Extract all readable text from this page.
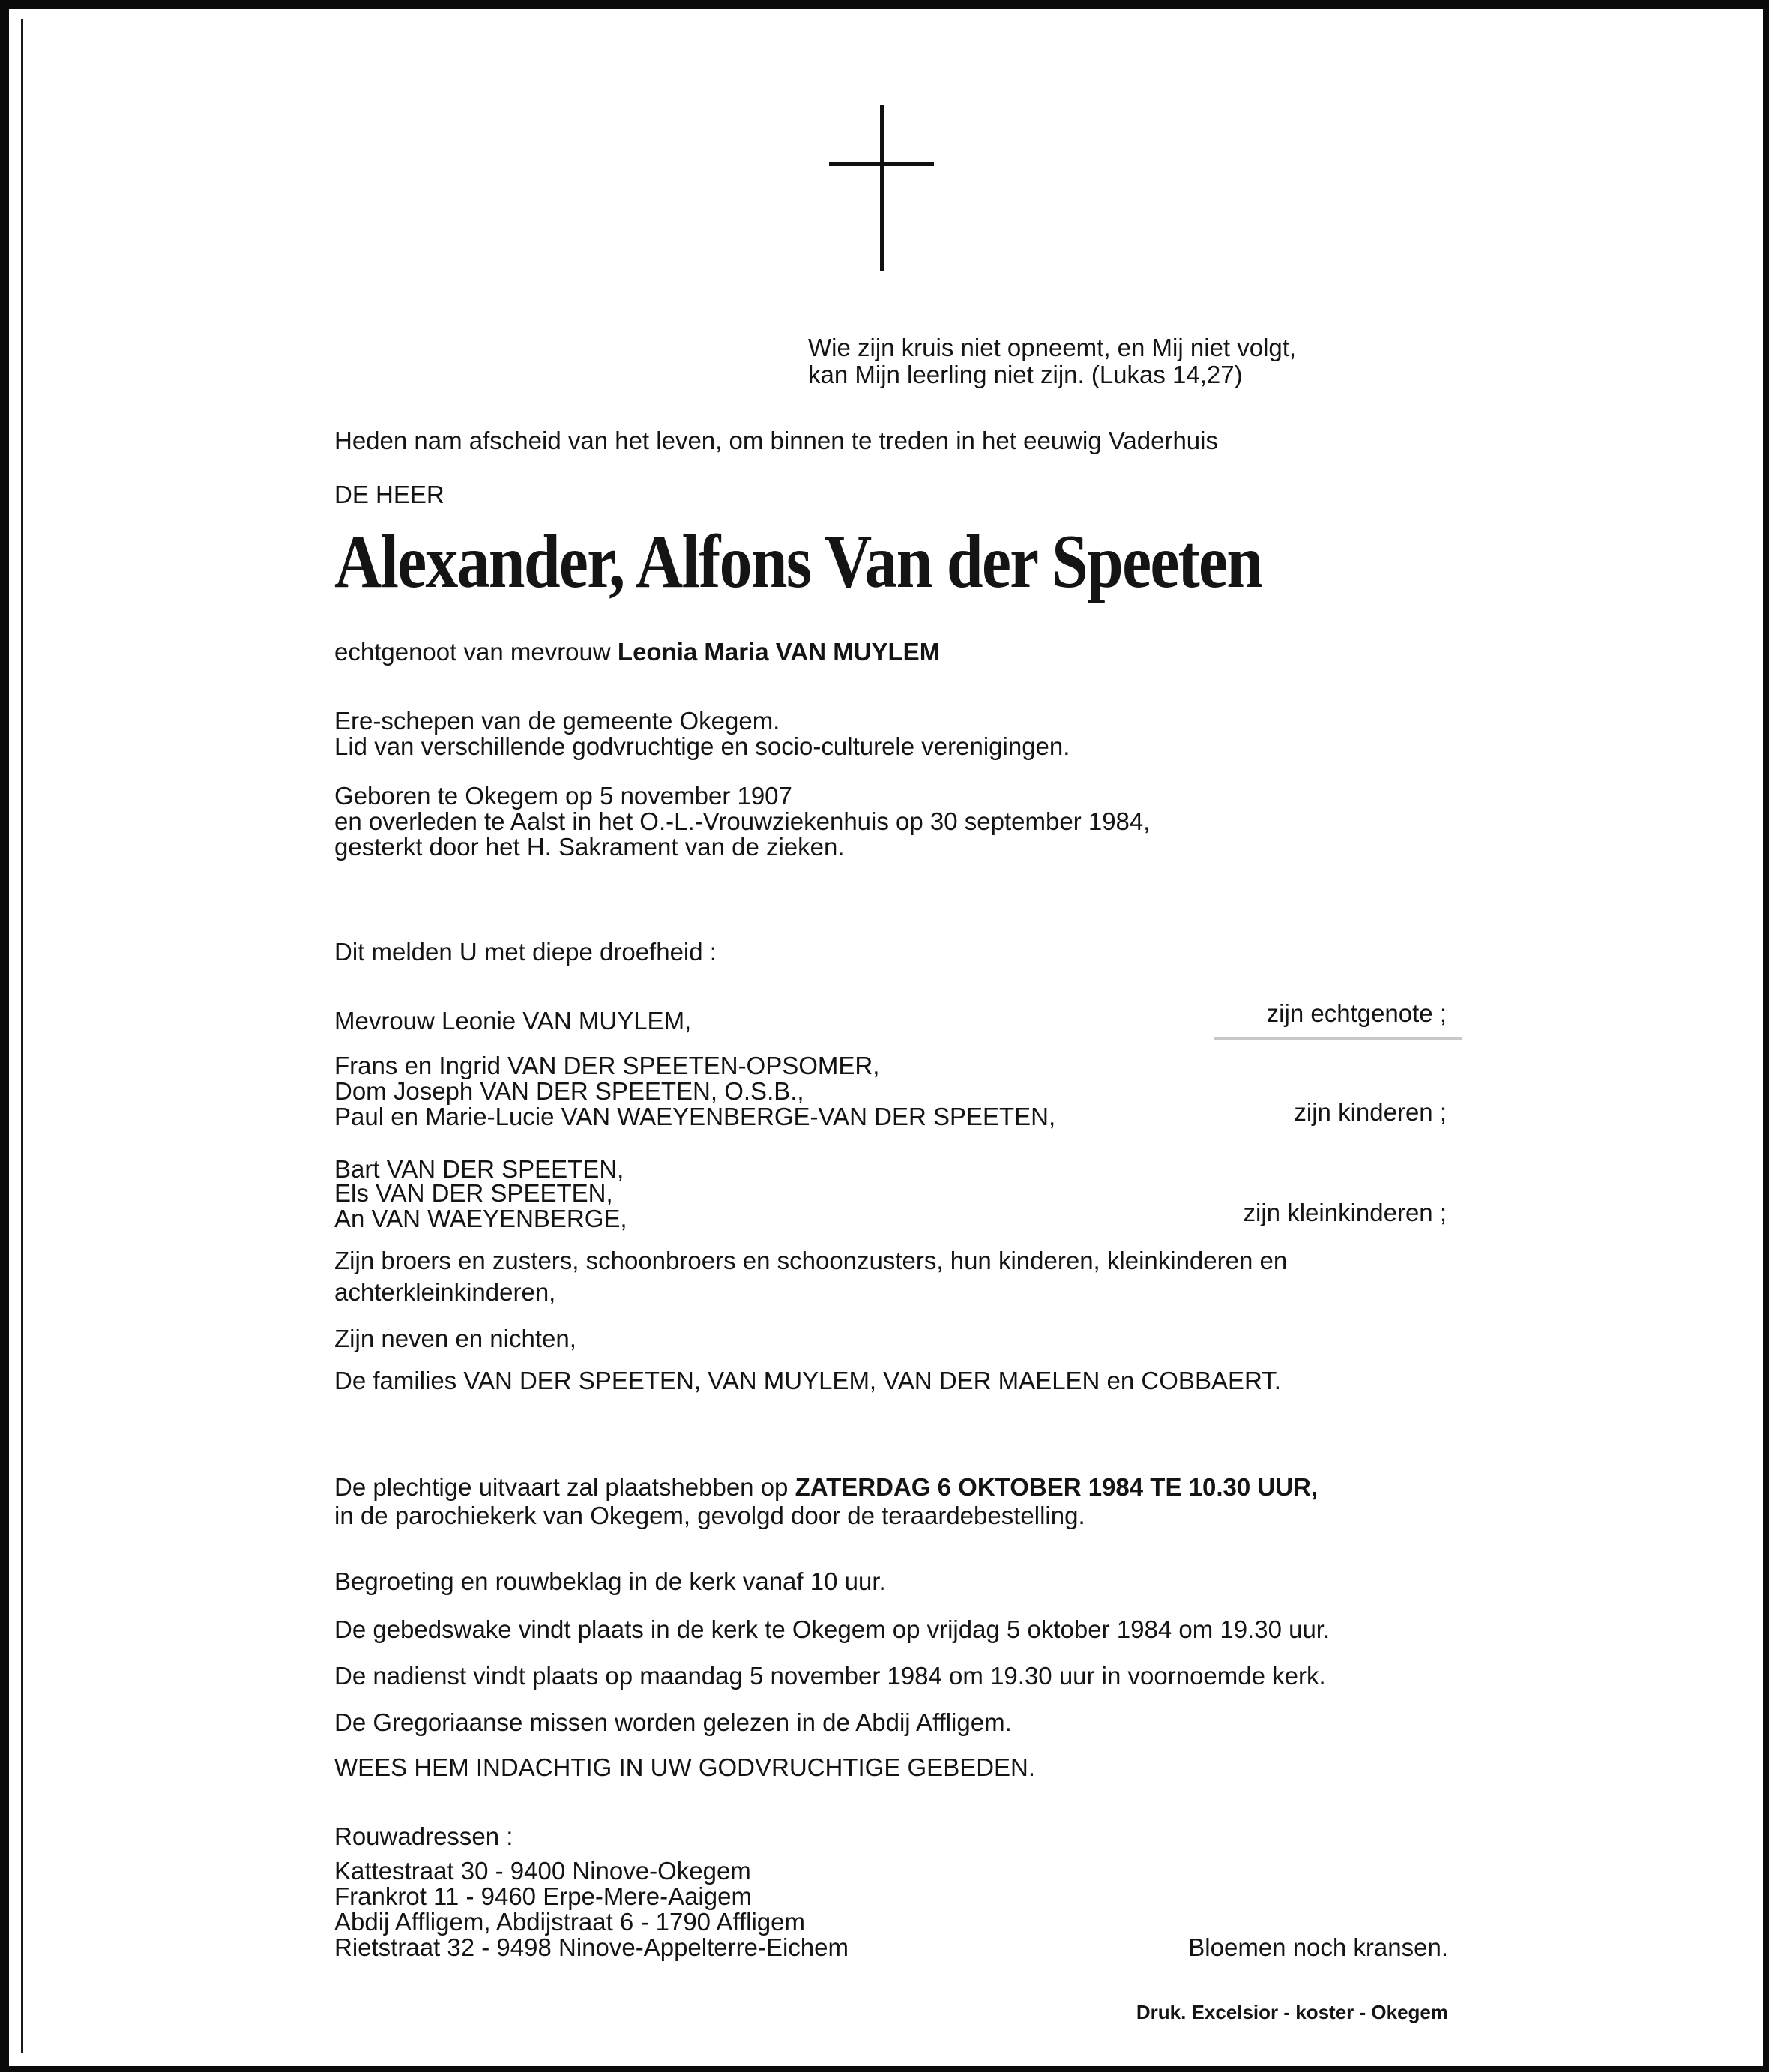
Wie zijn kruis niet opneemt, en Mij niet volgt,
kan Mijn leerling niet zijn. (Lukas 14,27)
Heden nam afscheid van het leven, om binnen te treden in het eeuwig Vaderhuis
DE HEER
Alexander, Alfons Van der Speeten
echtgenoot van mevrouw Leonia Maria VAN MUYLEM
Ere-schepen van de gemeente Okegem.
Lid van verschillende godvruchtige en socio-culturele verenigingen.
Geboren te Okegem op 5 november 1907
en overleden te Aalst in het O.-L.-Vrouwziekenhuis op 30 september 1984,
gesterkt door het H. Sakrament van de zieken.
Dit melden U met diepe droefheid :
Mevrouw Leonie VAN MUYLEM,	zijn echtgenote ;
Frans en Ingrid VAN DER SPEETEN-OPSOMER,
Dom Joseph VAN DER SPEETEN, O.S.B.,
Paul en Marie-Lucie VAN WAEYENBERGE-VAN DER SPEETEN,	zijn kinderen ;
Bart VAN DER SPEETEN,
Els VAN DER SPEETEN,
An VAN WAEYENBERGE,	zijn kleinkinderen ;
Zijn broers en zusters, schoonbroers en schoonzusters, hun kinderen, kleinkinderen en
achterkleinkinderen,
Zijn neven en nichten,
De families VAN DER SPEETEN, VAN MUYLEM, VAN DER MAELEN en COBBAERT.
De plechtige uitvaart zal plaatshebben op ZATERDAG 6 OKTOBER 1984 TE 10.30 UUR,
in de parochiekerk van Okegem, gevolgd door de teraardebestelling.
Begroeting en rouwbeklag in de kerk vanaf 10 uur.
De gebedswake vindt plaats in de kerk te Okegem op vrijdag 5 oktober 1984 om 19.30 uur.
De nadienst vindt plaats op maandag 5 november 1984 om 19.30 uur in voornoemde kerk.
De Gregoriaanse missen worden gelezen in de Abdij Affligem.
WEES HEM INDACHTIG IN UW GODVRUCHTIGE GEBEDEN.
Rouwadressen :
Kattestraat 30 - 9400 Ninove-Okegem
Frankrot 11 - 9460 Erpe-Mere-Aaigem
Abdij Affligem, Abdijstraat 6 - 1790 Affligem
Rietstraat 32 - 9498 Ninove-Appelterre-Eichem	Bloemen noch kransen.
Druk. Excelsior - koster - Okegem
